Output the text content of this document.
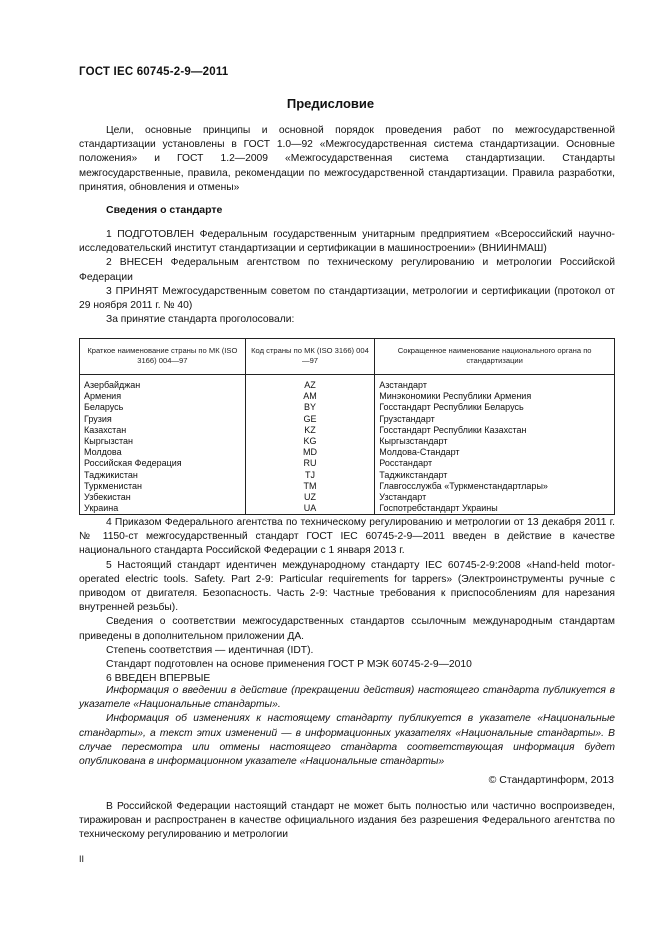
ГОСТ IEC 60745-2-9—2011
Предисловие

Цели, основные принципы и основной порядок проведения работ по межгосударственной стандартизации установлены в ГОСТ 1.0—92 «Межгосударственная система стандартизации. Основные положения» и ГОСТ 1.2—2009 «Межгосударственная система стандартизации. Стандарты межгосударственные, правила, рекомендации по межгосударственной стандартизации. Правила разработки, принятия, обновления и отмены»

Сведения о стандарте

1 ПОДГОТОВЛЕН Федеральным государственным унитарным предприятием «Всероссийский научно-исследовательский институт стандартизации и сертификации в машиностроении» (ВНИИНМАШ)

2 ВНЕСЕН Федеральным агентством по техническому регулированию и метрологии Российской Федерации

3 ПРИНЯТ Межгосударственным советом по стандартизации, метрологии и сертификации (протокол от 29 ноября 2011 г. № 40)

За принятие стандарта проголосовали:

Краткое наименование страны по МК (ISO 3166) 004—97	Код страны по МК (ISO 3166) 004—97	Сокращенное наименование национального органа по стандартизации
Азербайджан	AZ	Азстандарт
Армения	AM	Минэкономики Республики Армения
Беларусь	BY	Госстандарт Республики Беларусь
Грузия	GE	Грузстандарт
Казахстан	KZ	Госстандарт Республики Казахстан
Кыргызстан	KG	Кыргызстандарт
Молдова	MD	Молдова-Стандарт
Российская Федерация	RU	Росстандарт
Таджикистан	TJ	Таджикстандарт
Туркменистан	TM	Главгосслужба «Туркменстандартлары»
Узбекистан	UZ	Узстандарт
Украина	UA	Госпотребстандарт Украины

4 Приказом Федерального агентства по техническому регулированию и метрологии от 13 декабря 2011 г. № 1150-ст межгосударственный стандарт ГОСТ IEC 60745-2-9—2011 введен в действие в качестве национального стандарта Российской Федерации с 1 января 2013 г.

5 Настоящий стандарт идентичен международному стандарту IEC 60745-2-9:2008 «Hand-held motor-operated electric tools. Safety. Part 2-9: Particular requirements for tappers» (Электроинструменты ручные с приводом от двигателя. Безопасность. Часть 2-9: Частные требования к приспособлениям для нарезания внутренней резьбы).

Сведения о соответствии межгосударственных стандартов ссылочным международным стандартам приведены в дополнительном приложении ДА.

Степень соответствия — идентичная (IDT).

Стандарт подготовлен на основе применения ГОСТ Р МЭК 60745-2-9—2010

6 ВВЕДЕН ВПЕРВЫЕ

Информация о введении в действие (прекращении действия) настоящего стандарта публикуется в указателе «Национальные стандарты».

Информация об изменениях к настоящему стандарту публикуется в указателе «Национальные стандарты», а текст этих изменений — в информационных указателях «Национальные стандарты». В случае пересмотра или отмены настоящего стандарта соответствующая информация будет опубликована в информационном указателе «Национальные стандарты»

© Стандартинформ, 2013

В Российской Федерации настоящий стандарт не может быть полностью или частично воспроизведен, тиражирован и распространен в качестве официального издания без разрешения Федерального агентства по техническому регулированию и метрологии

II
